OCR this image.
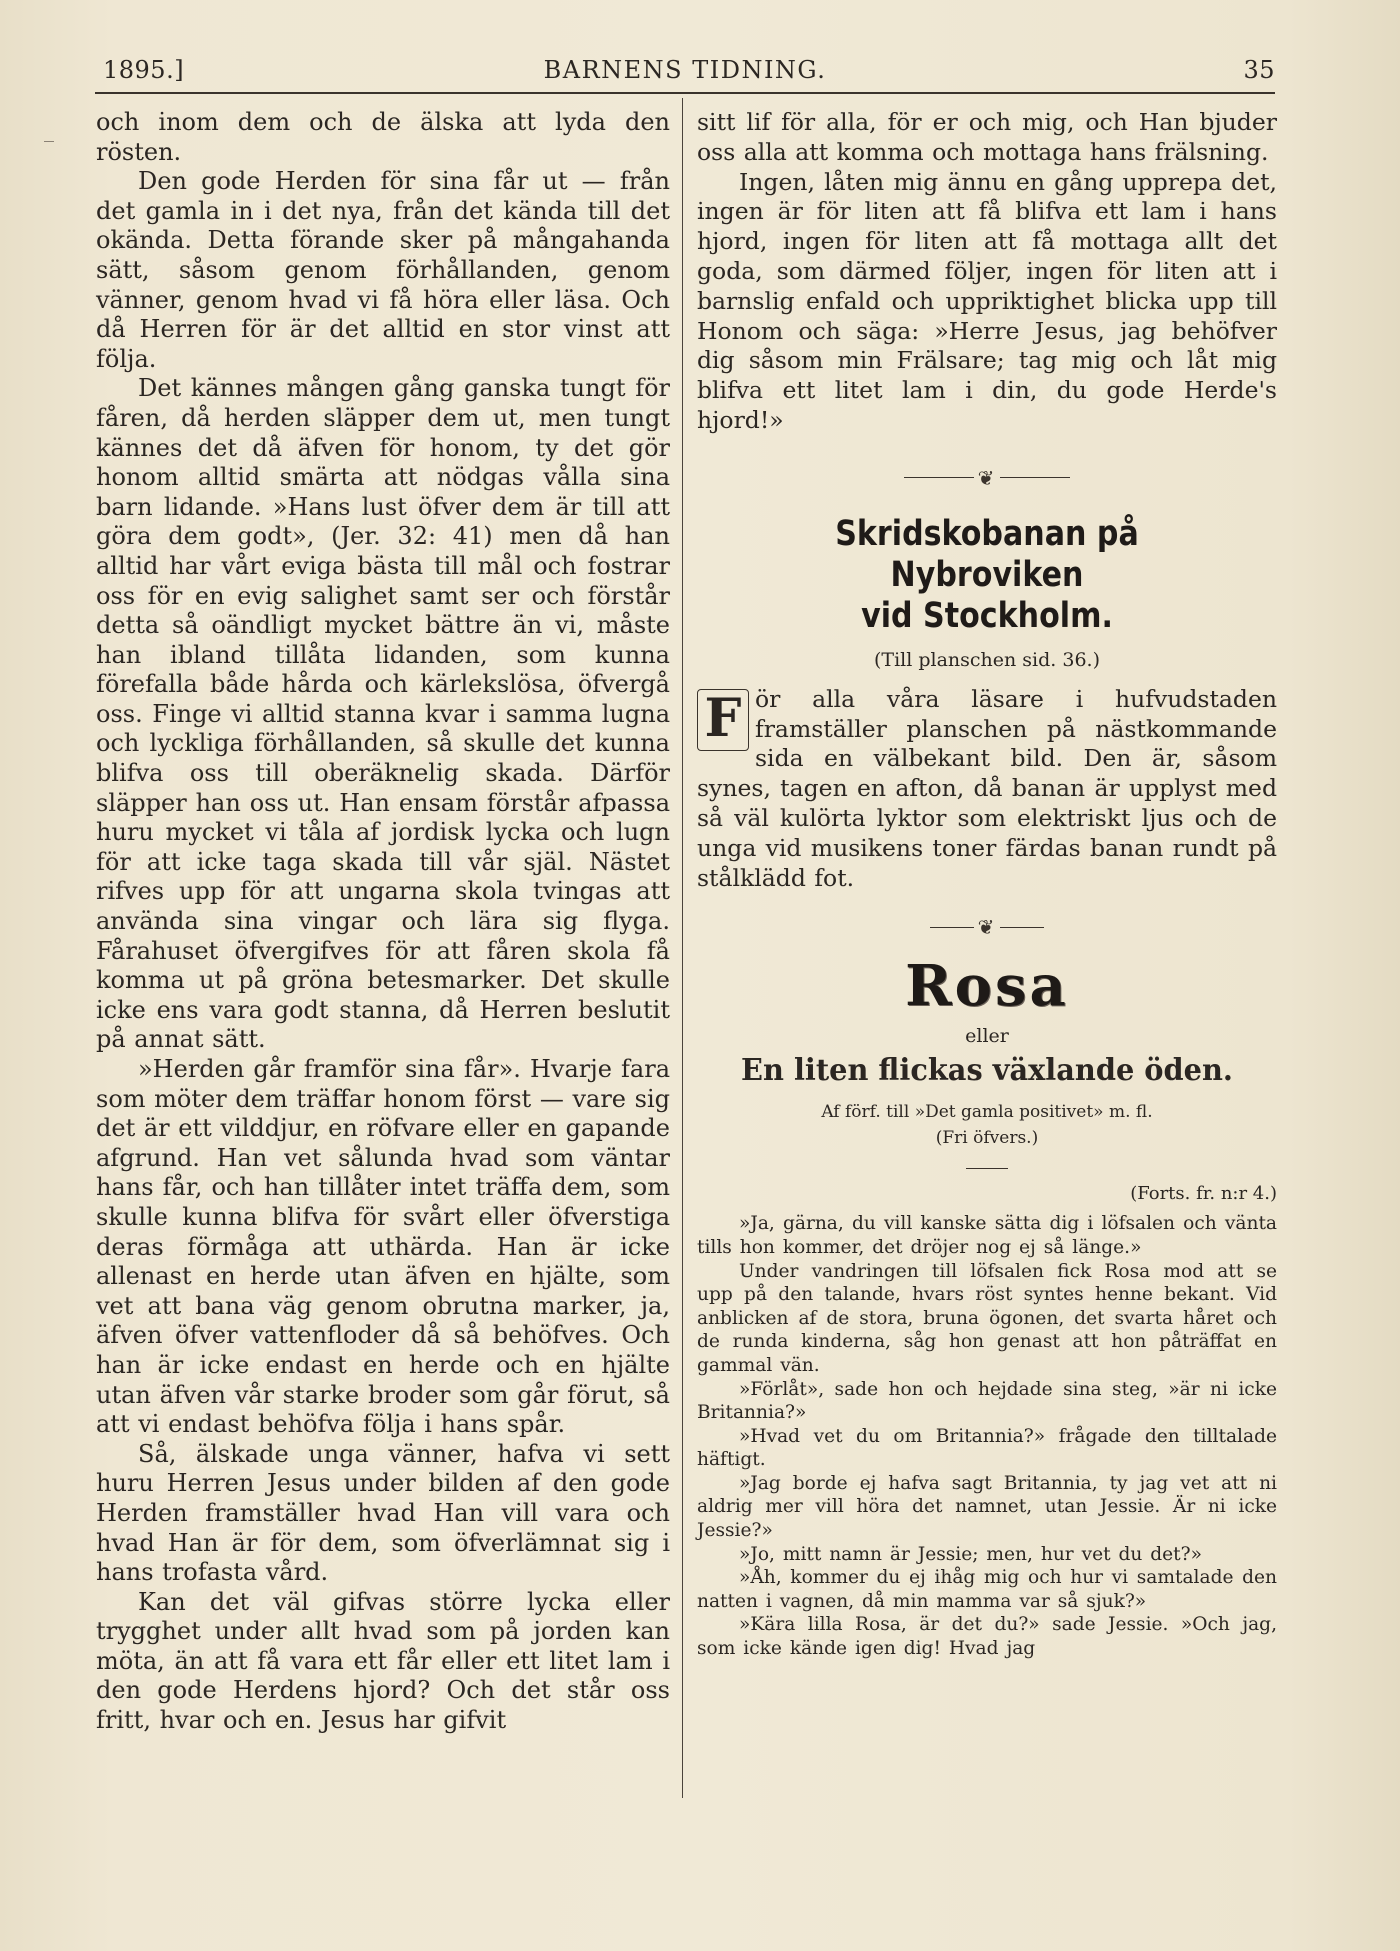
1895.]	BARNENS TIDNING.	35

och inom dem och de älska att lyda den rösten.

Den gode Herden för sina får ut — från det gamla in i det nya, från det kända till det okända. Detta förande sker på mångahanda sätt, såsom genom förhållanden, genom vänner, genom hvad vi få höra eller läsa. Och då Herren för är det alltid en stor vinst att följa.

Det kännes mången gång ganska tungt för fåren, då herden släpper dem ut, men tungt kännes det då äfven för honom, ty det gör honom alltid smärta att nödgas vålla sina barn lidande. »Hans lust öfver dem är till att göra dem godt», (Jer. 32: 41) men då han alltid har vårt eviga bästa till mål och fostrar oss för en evig salighet samt ser och förstår detta så oändligt mycket bättre än vi, måste han ibland tillåta lidanden, som kunna förefalla både hårda och kärlekslösa, öfvergå oss. Finge vi alltid stanna kvar i samma lugna och lyckliga förhållanden, så skulle det kunna blifva oss till oberäknelig skada. Därför släpper han oss ut. Han ensam förstår afpassa huru mycket vi tåla af jordisk lycka och lugn för att icke taga skada till vår själ. Nästet rifves upp för att ungarna skola tvingas att använda sina vingar och lära sig flyga. Fårahuset öfvergifves för att fåren skola få komma ut på gröna betesmarker. Det skulle icke ens vara godt stanna, då Herren beslutit på annat sätt.

»Herden går framför sina får». Hvarje fara som möter dem träffar honom först — vare sig det är ett vilddjur, en röfvare eller en gapande afgrund. Han vet sålunda hvad som väntar hans får, och han tillåter intet träffa dem, som skulle kunna blifva för svårt eller öfverstiga deras förmåga att uthärda. Han är icke allenast en herde utan äfven en hjälte, som vet att bana väg genom obrutna marker, ja, äfven öfver vattenfloder då så behöfves. Och han är icke endast en herde och en hjälte utan äfven vår starke broder som går förut, så att vi endast behöfva följa i hans spår.

Så, älskade unga vänner, hafva vi sett huru Herren Jesus under bilden af den gode Herden framställer hvad Han vill vara och hvad Han är för dem, som öfverlämnat sig i hans trofasta vård.

Kan det väl gifvas större lycka eller trygghet under allt hvad som på jorden kan möta, än att få vara ett får eller ett litet lam i den gode Herdens hjord? Och det står oss fritt, hvar och en. Jesus har gifvit

sitt lif för alla, för er och mig, och Han bjuder oss alla att komma och mottaga hans frälsning.

Ingen, låten mig ännu en gång upprepa det, ingen är för liten att få blifva ett lam i hans hjord, ingen för liten att få mottaga allt det goda, som därmed följer, ingen för liten att i barnslig enfald och uppriktighet blicka upp till Honom och säga: »Herre Jesus, jag behöfver dig såsom min Frälsare; tag mig och låt mig blifva ett litet lam i din, du gode Herde's hjord!»

❦
Skridskobanan på Nybroviken
vid Stockholm.
(Till planschen sid. 36.)
F ör alla våra läsare i hufvudstaden framställer planschen på nästkommande sida en välbekant bild. Den är, såsom synes, tagen en afton, då banan är upplyst med så väl kulörta lyktor som elektriskt ljus och de unga vid musikens toner färdas banan rundt på stålklädd fot.

❦
Rosa
eller
En liten flickas växlande öden.
Af förf. till »Det gamla positivet» m. fl.
(Fri öfvers.)
(Forts. fr. n:r 4.)

»Ja, gärna, du vill kanske sätta dig i löfsalen och vänta tills hon kommer, det dröjer nog ej så länge.»

Under vandringen till löfsalen fick Rosa mod att se upp på den talande, hvars röst syntes henne bekant. Vid anblicken af de stora, bruna ögonen, det svarta håret och de runda kinderna, såg hon genast att hon påträffat en gammal vän.

»Förlåt», sade hon och hejdade sina steg, »är ni icke Britannia?»

»Hvad vet du om Britannia?» frågade den tilltalade häftigt.

»Jag borde ej hafva sagt Britannia, ty jag vet att ni aldrig mer vill höra det namnet, utan Jessie. Är ni icke Jessie?»

»Jo, mitt namn är Jessie; men, hur vet du det?»

»Åh, kommer du ej ihåg mig och hur vi samtalade den natten i vagnen, då min mamma var så sjuk?»

»Kära lilla Rosa, är det du?» sade Jessie. »Och jag, som icke kände igen dig! Hvad jag
